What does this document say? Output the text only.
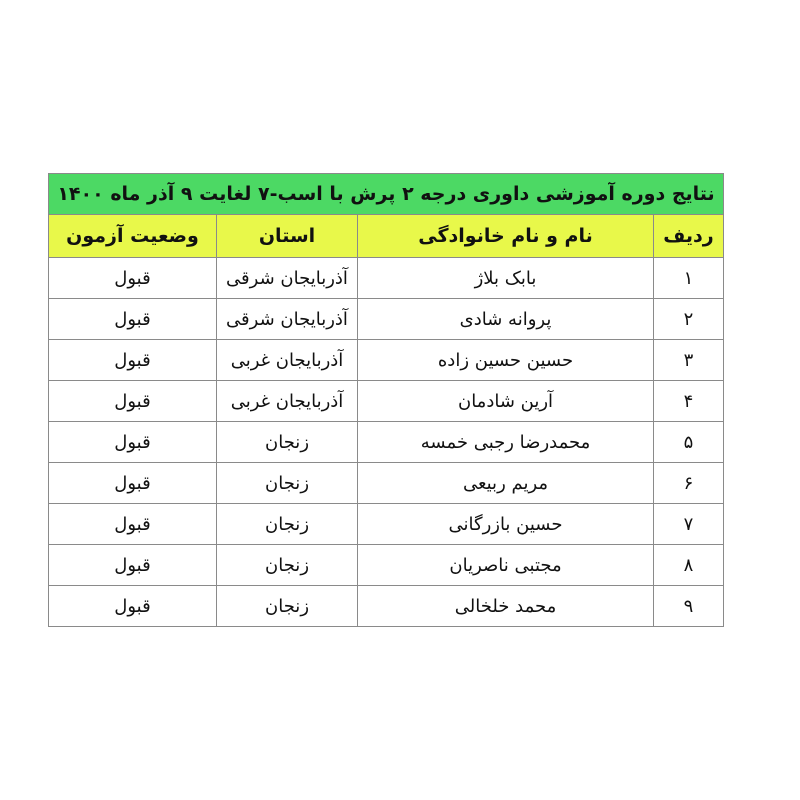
نتایج دوره آموزشی داوری درجه ۲ پرش با اسب-۷ لغایت ۹ آذر ماه ۱۴۰۰			
ردیف	نام و نام خانوادگی	استان	وضعیت آزمون
۱	بابک بلاژ	آذربایجان شرقی	قبول
۲	پروانه شادی	آذربایجان شرقی	قبول
۳	حسین حسین زاده	آذربایجان غربی	قبول
۴	آرین شادمان	آذربایجان غربی	قبول
۵	محمدرضا رجبی خمسه	زنجان	قبول
۶	مریم ربیعی	زنجان	قبول
۷	حسین بازرگانی	زنجان	قبول
۸	مجتبی ناصریان	زنجان	قبول
۹	محمد خلخالی	زنجان	قبول
